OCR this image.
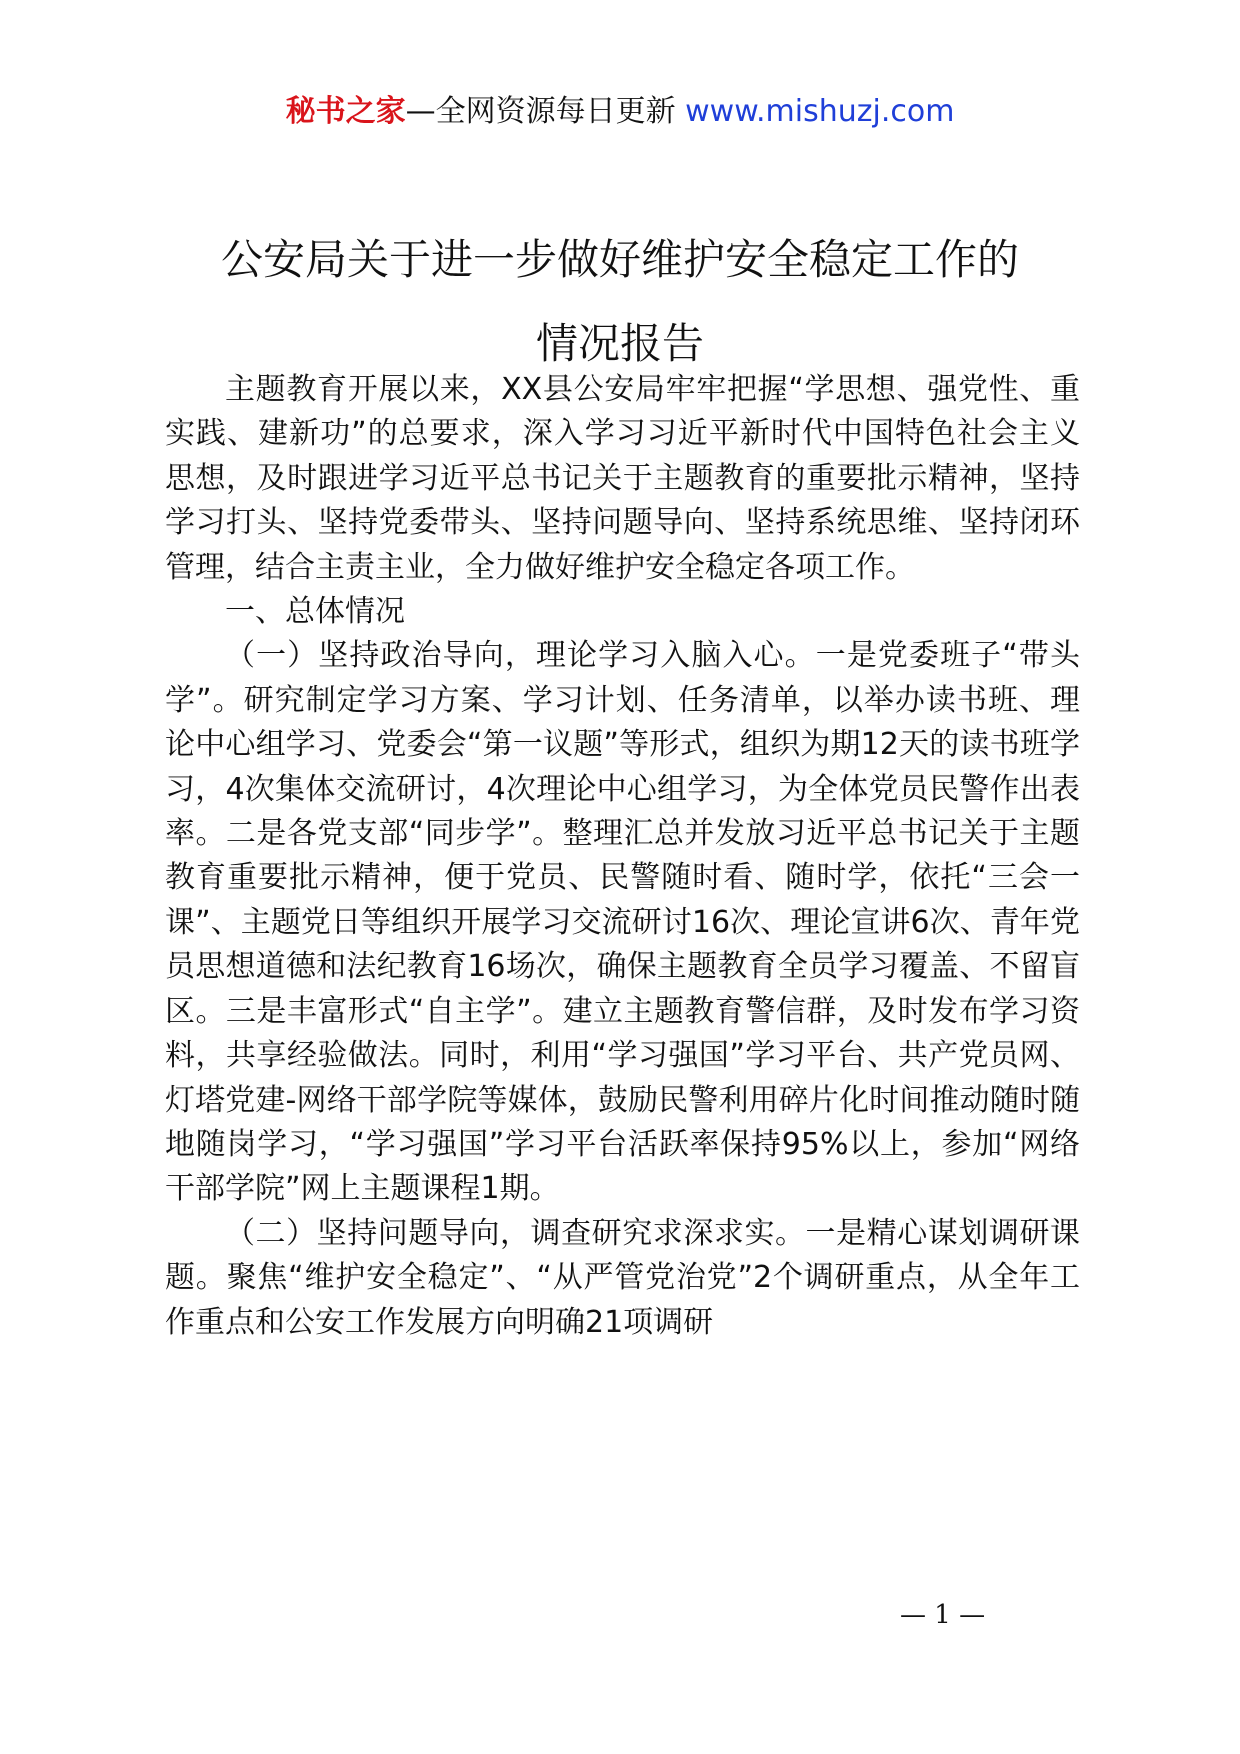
秘书之家—全网资源每日更新 www.mishuzj.com
公安局关于进一步做好维护安全稳定工作的
情况报告

主题教育开展以来，XX县公安局牢牢把握“学思想、强党性、重实践、建新功”的总要求，深入学习习近平新时代中国特色社会主义思想，及时跟进学习近平总书记关于主题教育的重要批示精神，坚持学习打头、坚持党委带头、坚持问题导向、坚持系统思维、坚持闭环管理，结合主责主业，全力做好维护安全稳定各项工作。

一、总体情况

（一）坚持政治导向，理论学习入脑入心。一是党委班子“带头学”。研究制定学习方案、学习计划、任务清单，以举办读书班、理论中心组学习、党委会“第一议题”等形式，组织为期12天的读书班学习，4次集体交流研讨，4次理论中心组学习，为全体党员民警作出表率。二是各党支部“同步学”。整理汇总并发放习近平总书记关于主题教育重要批示精神，便于党员、民警随时看、随时学，依托“三会一课”、主题党日等组织开展学习交流研讨16次、理论宣讲6次、青年党员思想道德和法纪教育16场次，确保主题教育全员学习覆盖、不留盲区。三是丰富形式“自主学”。建立主题教育警信群，及时发布学习资料，共享经验做法。同时，利用“学习强国”学习平台、共产党员网、灯塔党建-网络干部学院等媒体，鼓励民警利用碎片化时间推动随时随地随岗学习，“学习强国”学习平台活跃率保持95%以上，参加“网络干部学院”网上主题课程1期。

（二）坚持问题导向，调查研究求深求实。一是精心谋划调研课题。聚焦“维护安全稳定”、“从严管党治党”2个调研重点，从全年工作重点和公安工作发展方向明确21项调研

— 1 —
